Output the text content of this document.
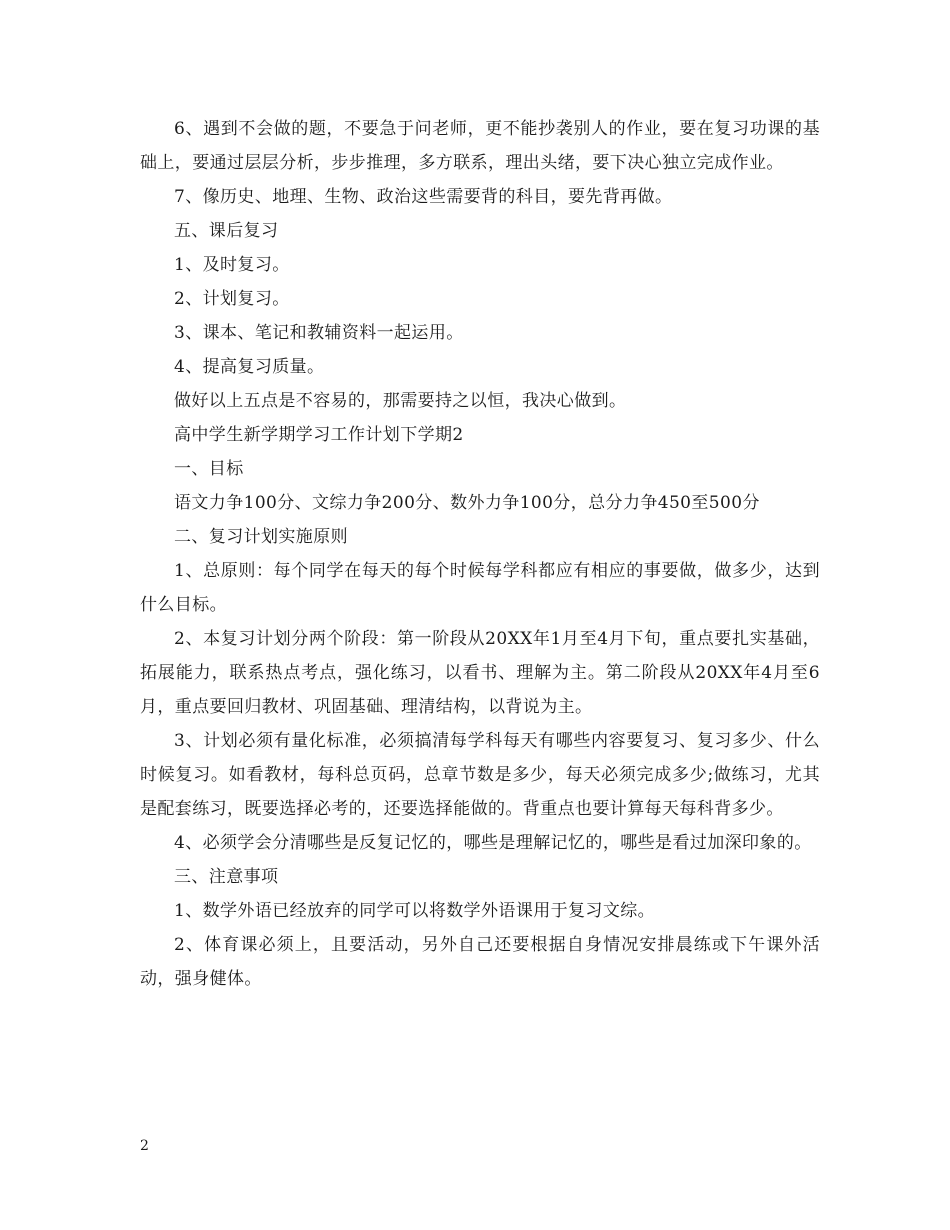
6、遇到不会做的题，不要急于问老师，更不能抄袭别人的作业，要在复习功课的基础上，要通过层层分析，步步推理，多方联系，理出头绪，要下决心独立完成作业。

7、像历史、地理、生物、政治这些需要背的科目，要先背再做。

五、课后复习

1、及时复习。

2、计划复习。

3、课本、笔记和教辅资料一起运用。

4、提高复习质量。

做好以上五点是不容易的，那需要持之以恒，我决心做到。

高中学生新学期学习工作计划下学期2

一、目标

语文力争100分、文综力争200分、数外力争100分，总分力争450至500分

二、复习计划实施原则

1、总原则：每个同学在每天的每个时候每学科都应有相应的事要做，做多少，达到什么目标。

2、本复习计划分两个阶段：第一阶段从20XX年1月至4月下旬，重点要扎实基础，拓展能力，联系热点考点，强化练习，以看书、理解为主。第二阶段从20XX年4月至6月，重点要回归教材、巩固基础、理清结构，以背说为主。

3、计划必须有量化标准，必须搞清每学科每天有哪些内容要复习、复习多少、什么时候复习。如看教材，每科总页码，总章节数是多少，每天必须完成多少;做练习，尤其是配套练习，既要选择必考的，还要选择能做的。背重点也要计算每天每科背多少。

4、必须学会分清哪些是反复记忆的，哪些是理解记忆的，哪些是看过加深印象的。

三、注意事项

1、数学外语已经放弃的同学可以将数学外语课用于复习文综。

2、体育课必须上，且要活动，另外自己还要根据自身情况安排晨练或下午课外活动，强身健体。

2
